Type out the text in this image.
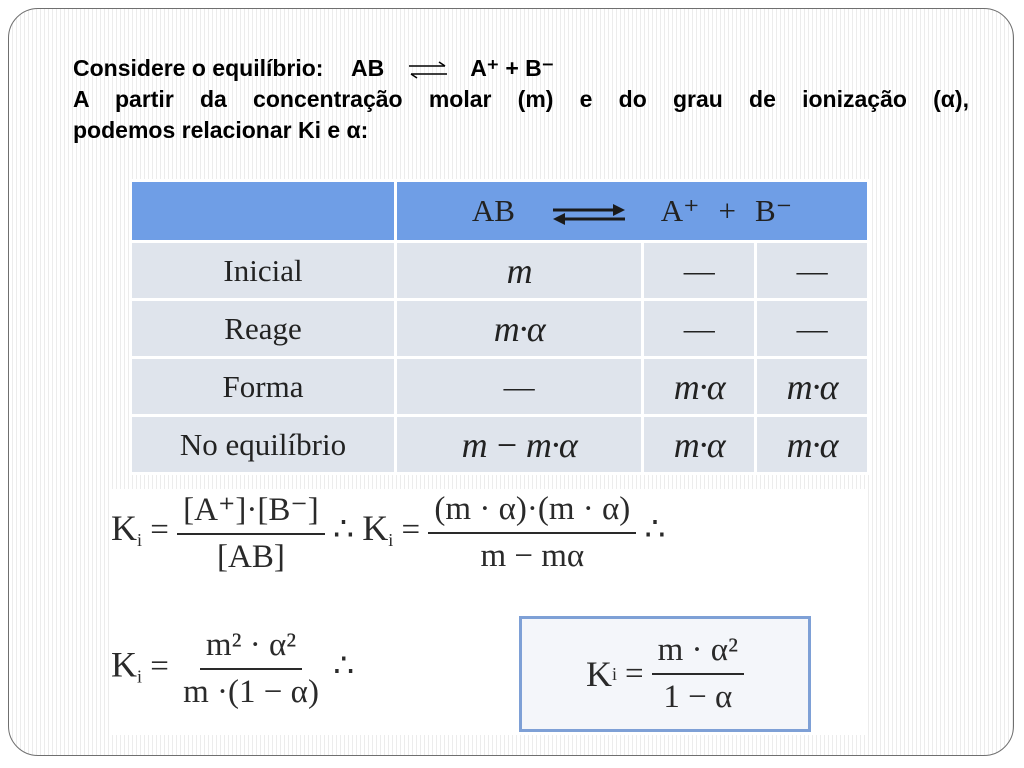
Considere o equilíbrio: AB ⇌ A⁺ + B⁻
A partir da concentração molar (m) e do grau de ionização (α),
podemos relacionar Ki e α:
	AB ⇌ A⁺ + B⁻		
Inicial	m	—	—
Reage	m·α	—	—
Forma	—	m·α	m·α
No equilíbrio	m − m·α	m·α	m·α
$Ki = \frac{[A^+]\cdot[B^-]}{[AB]}$ ∴ $Ki = \frac{(m \cdot \alpha)\cdot(m \cdot \alpha)}{m - m\alpha}$ ∴
$Ki = \frac{\text{m² · α²}}{m \cdot(1 - \alpha)}$ ∴	K $i = \frac{\text{m · α²}}{1 - \alpha}$
